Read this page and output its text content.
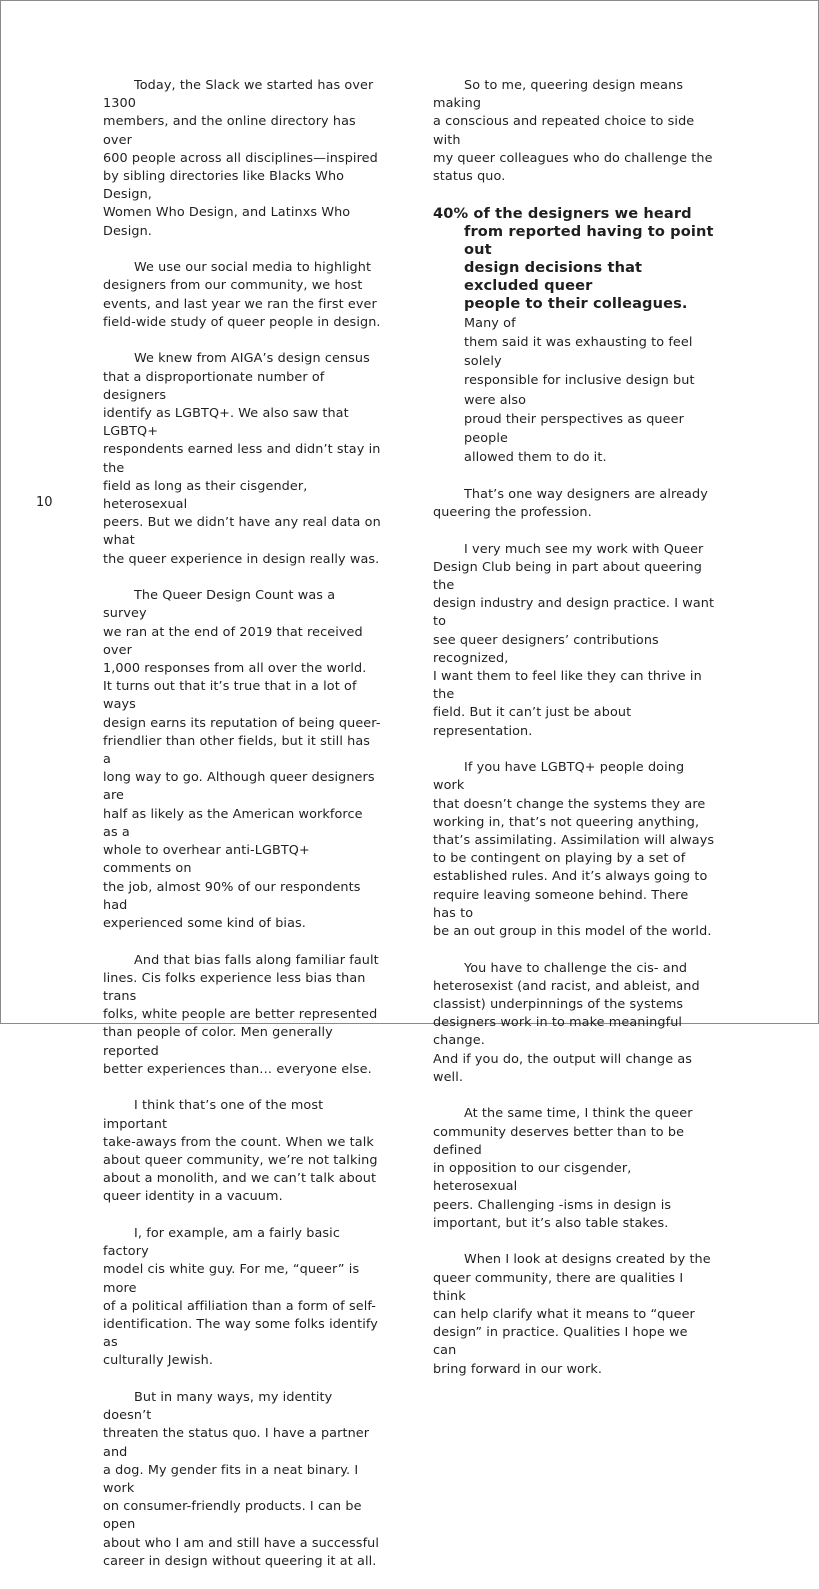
10

Today, the Slack we started has over 1300
members, and the online directory has over
600 people across all disciplines—inspired
by sibling directories like Blacks Who Design,
Women Who Design, and Latinxs Who Design.

We use our social media to highlight
designers from our community, we host
events, and last year we ran the first ever
field-wide study of queer people in design.

We knew from AIGA’s design census
that a disproportionate number of designers
identify as LGBTQ+. We also saw that LGBTQ+
respondents earned less and didn’t stay in the
field as long as their cisgender, heterosexual
peers. But we didn’t have any real data on what
the queer experience in design really was.

The Queer Design Count was a survey
we ran at the end of 2019 that received over
1,000 responses from all over the world.
It turns out that it’s true that in a lot of ways
design earns its reputation of being queer-
friendlier than other fields, but it still has a
long way to go. Although queer designers are
half as likely as the American workforce as a
whole to overhear anti-LGBTQ+ comments on
the job, almost 90% of our respondents had
experienced some kind of bias.

And that bias falls along familiar fault
lines. Cis folks experience less bias than trans
folks, white people are better represented
than people of color. Men generally reported
better experiences than… everyone else.

I think that’s one of the most important
take-aways from the count. When we talk
about queer community, we’re not talking
about a monolith, and we can’t talk about
queer identity in a vacuum.

I, for example, am a fairly basic factory
model cis white guy. For me, “queer” is more
of a political affiliation than a form of self-
identification. The way some folks identify as
culturally Jewish.

But in many ways, my identity doesn’t
threaten the status quo. I have a partner and
a dog. My gender fits in a neat binary. I work
on consumer-friendly products. I can be open
about who I am and still have a successful
career in design without queering it at all.

So to me, queering design means making
a conscious and repeated choice to side with
my queer colleagues who do challenge the
status quo.

40% of the designers we heard
from reported having to point out
design decisions that excluded queer
people to their colleagues. Many of
them said it was exhausting to feel solely
responsible for inclusive design but were also
proud their perspectives as queer people
allowed them to do it.

That’s one way designers are already
queering the profession.

I very much see my work with Queer
Design Club being in part about queering the
design industry and design practice. I want to
see queer designers’ contributions recognized,
I want them to feel like they can thrive in the
field. But it can’t just be about representation.

If you have LGBTQ+ people doing work
that doesn’t change the systems they are
working in, that’s not queering anything,
that’s assimilating. Assimilation will always
to be contingent on playing by a set of
established rules. And it’s always going to
require leaving someone behind. There has to
be an out group in this model of the world.

You have to challenge the cis- and
heterosexist (and racist, and ableist, and
classist) underpinnings of the systems
designers work in to make meaningful change.
And if you do, the output will change as well.

At the same time, I think the queer
community deserves better than to be defined
in opposition to our cisgender, heterosexual
peers. Challenging -isms in design is
important, but it’s also table stakes.

When I look at designs created by the
queer community, there are qualities I think
can help clarify what it means to “queer
design” in practice. Qualities I hope we can
bring forward in our work.
